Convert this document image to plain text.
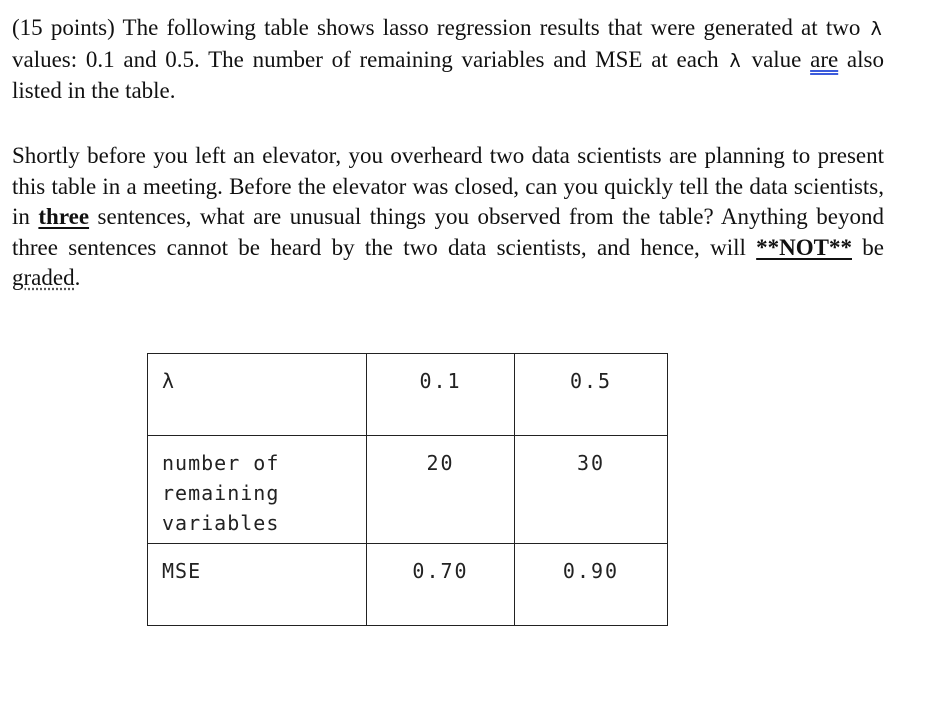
(15 points) The following table shows lasso regression results that were generated at two λ values: 0.1 and 0.5. The number of remaining variables and MSE at each λ value are also listed in the table.

Shortly before you left an elevator, you overheard two data scientists are planning to present this table in a meeting. Before the elevator was closed, can you quickly tell the data scientists, in three sentences, what are unusual things you observed from the table? Anything beyond three sentences cannot be heard by the two data scientists, and hence, will **NOT** be graded.

λ	0.1	0.5
number of remaining variables	20	30
MSE	0.70	0.90
